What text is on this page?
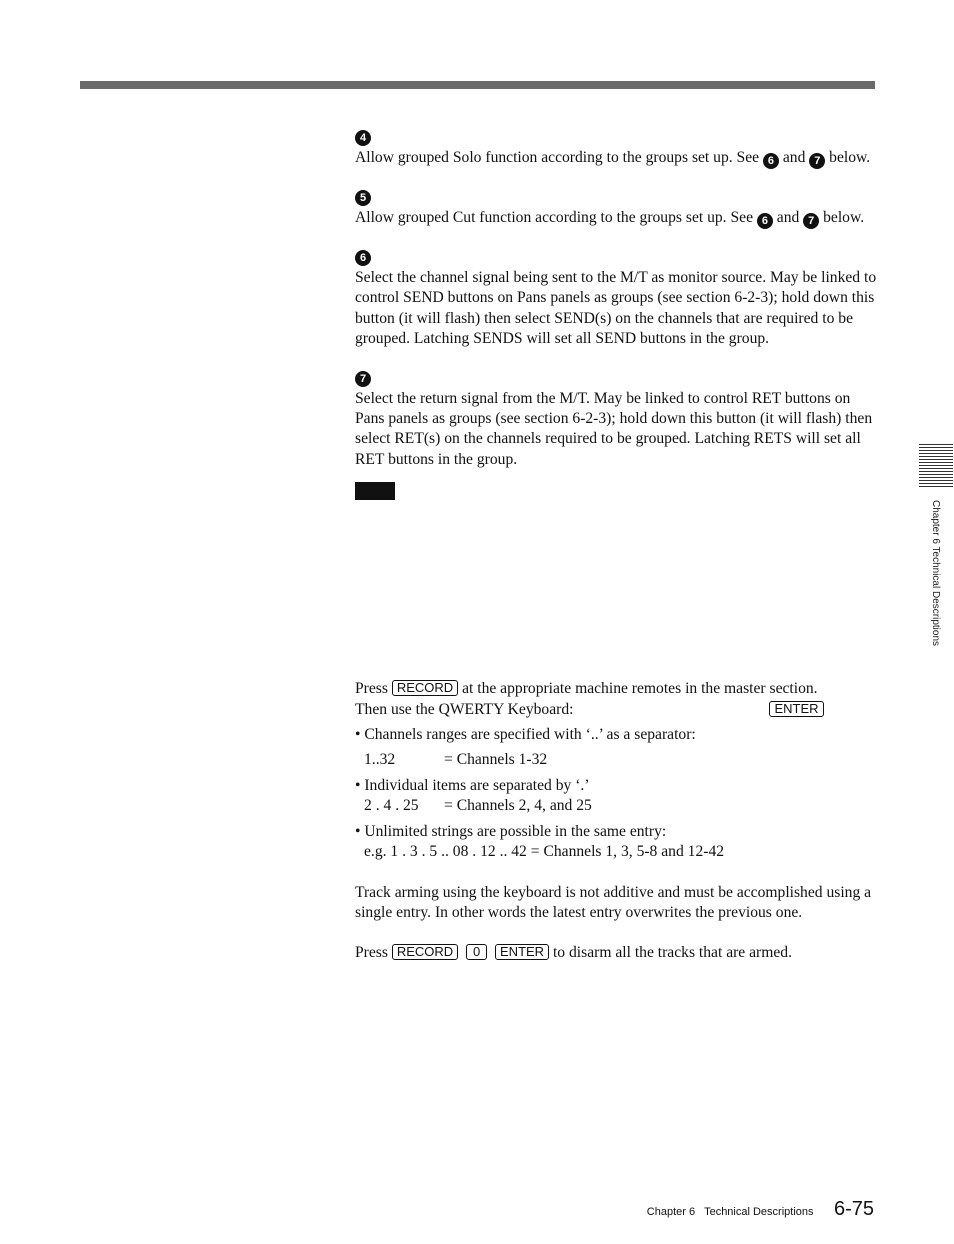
4

Allow grouped Solo function according to the groups set up. See 6 and 7 below.

5

Allow grouped Cut function according to the groups set up. See 6 and 7 below.

6

Select the channel signal being sent to the M/T as monitor source. May be linked to control SEND buttons on Pans panels as groups (see section 6-2-3); hold down this button (it will flash) then select SEND(s) on the channels that are required to be grouped. Latching SENDS will set all SEND buttons in the group.

7

Select the return signal from the M/T. May be linked to control RET buttons on Pans panels as groups (see section 6-2-3); hold down this button (it will flash) then select RET(s) on the channels required to be grouped. Latching RETS will set all RET buttons in the group.

Press RECORD at the appropriate machine remotes in the master section.

Then use the QWERTY Keyboard:	ENTER

• Channels ranges are specified with ‘..’ as a separator:

1..32	= Channels 1-32

• Individual items are separated by ‘.’

2 . 4 . 25 = Channels 2, 4, and 25

• Unlimited strings are possible in the same entry:

e.g. 1 . 3 . 5 .. 08 . 12 .. 42 = Channels 1, 3, 5-8 and 12-42

Track arming using the keyboard is not additive and must be accomplished using a single entry. In other words the latest entry overwrites the previous one.

Press RECORD 0 ENTER to disarm all the tracks that are armed.

Chapter 6 Technical Descriptions
Chapter 6   Technical Descriptions 6-75
